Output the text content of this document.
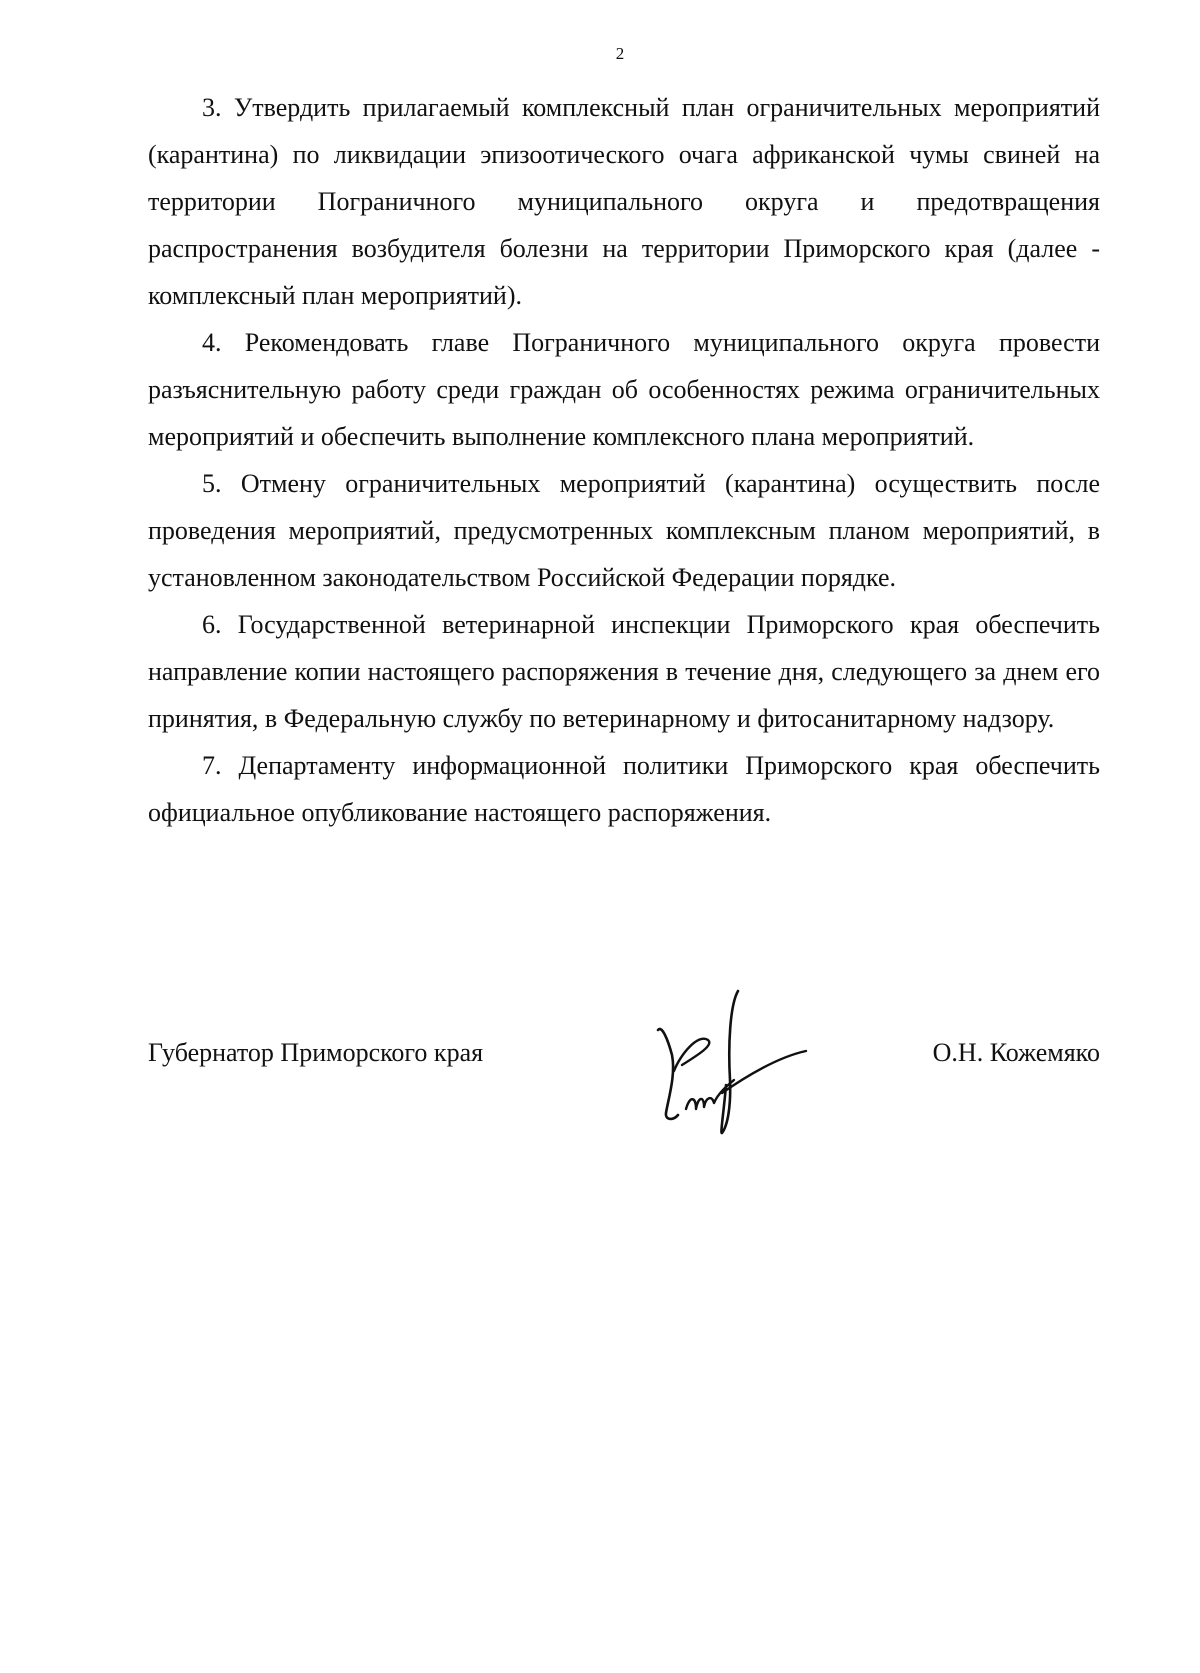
2

3. Утвердить прилагаемый комплексный план ограничительных мероприятий (карантина) по ликвидации эпизоотического очага африканской чумы свиней на территории Пограничного муниципального округа и предотвращения распространения возбудителя болезни на территории Приморского края (далее - комплексный план мероприятий).

4. Рекомендовать главе Пограничного муниципального округа провести разъяснительную работу среди граждан об особенностях режима ограничительных мероприятий и обеспечить выполнение комплексного плана мероприятий.

5. Отмену ограничительных мероприятий (карантина) осуществить после проведения мероприятий, предусмотренных комплексным планом мероприятий, в установленном законодательством Российской Федерации порядке.

6. Государственной ветеринарной инспекции Приморского края обеспечить направление копии настоящего распоряжения в течение дня, следующего за днем его принятия, в Федеральную службу по ветеринарному и фитосанитарному надзору.

7. Департаменту информационной политики Приморского края обеспечить официальное опубликование настоящего распоряжения.

Губернатор Приморского края	О.Н. Кожемяко
